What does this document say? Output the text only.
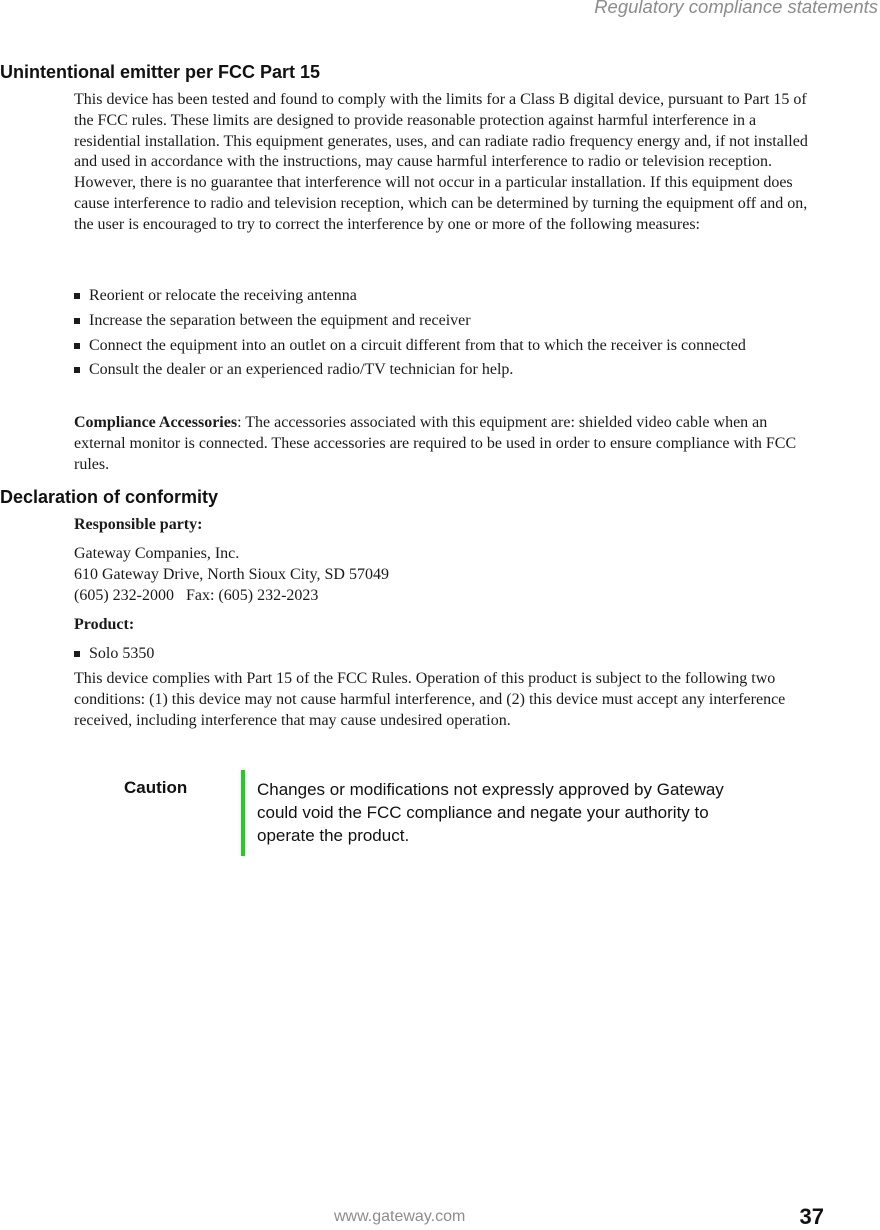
Regulatory compliance statements
Unintentional emitter per FCC Part 15

This device has been tested and found to comply with the limits for a Class B digital device, pursuant to Part 15 of the FCC rules. These limits are designed to provide reasonable protection against harmful interference in a residential installation. This equipment generates, uses, and can radiate radio frequency energy and, if not installed and used in accordance with the instructions, may cause harmful interference to radio or television reception. However, there is no guarantee that interference will not occur in a particular installation. If this equipment does cause interference to radio and television reception, which can be determined by turning the equipment off and on, the user is encouraged to try to correct the interference by one or more of the following measures:

Reorient or relocate the receiving antenna
Increase the separation between the equipment and receiver
Connect the equipment into an outlet on a circuit different from that to which the receiver is connected
Consult the dealer or an experienced radio/TV technician for help.

Compliance Accessories: The accessories associated with this equipment are: shielded video cable when an external monitor is connected. These accessories are required to be used in order to ensure compliance with FCC rules.

Declaration of conformity

Responsible party:

Gateway Companies, Inc.
610 Gateway Drive, North Sioux City, SD 57049
(605) 232-2000 Fax: (605) 232-2023

Product:

Solo 5350

This device complies with Part 15 of the FCC Rules. Operation of this product is subject to the following two conditions: (1) this device may not cause harmful interference, and (2) this device must accept any interference received, including interference that may cause undesired operation.

Caution	Changes or modifications not expressly approved by Gateway could void the FCC compliance and negate your authority to operate the product.
www.gateway.com	37
